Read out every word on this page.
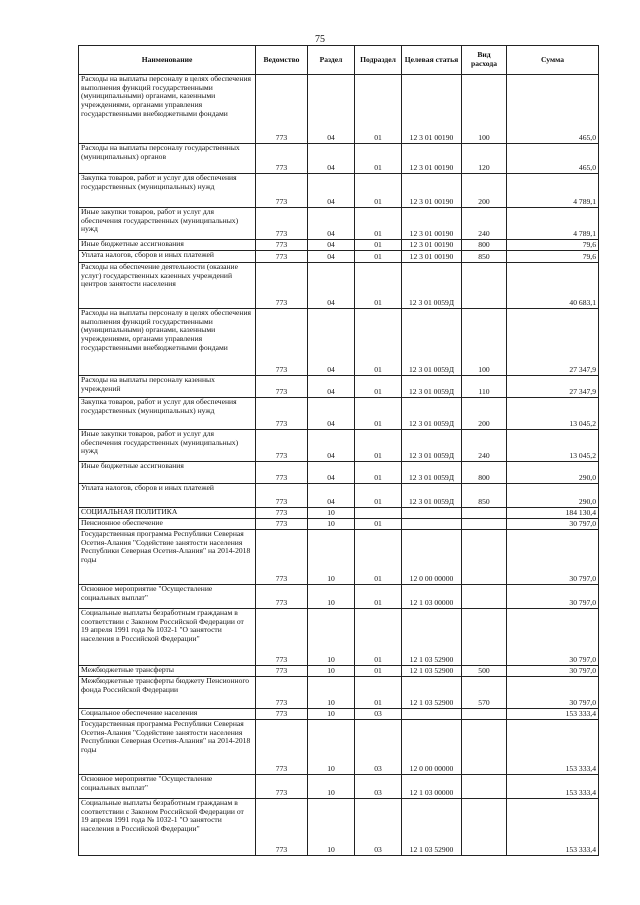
75
Наименование	Ведомство	Раздел	Подраздел	Целевая статья	Вид расхода	Сумма
Расходы на выплаты персоналу в целях обеспечения выполнения функций государственными (муниципальными) органами, казенными учреждениями, органами управления государственными внебюджетными фондами	773	04	01	12 3 01 00190	100	465,0
Расходы на выплаты персоналу государственных (муниципальных) органов	773	04	01	12 3 01 00190	120	465,0
Закупка товаров, работ и услуг для обеспечения государственных (муниципальных) нужд	773	04	01	12 3 01 00190	200	4 789,1
Иные закупки товаров, работ и услуг для обеспечения государственных (муниципальных) нужд	773	04	01	12 3 01 00190	240	4 789,1
Иные бюджетные ассигнования	773	04	01	12 3 01 00190	800	79,6
Уплата налогов, сборов и иных платежей	773	04	01	12 3 01 00190	850	79,6
Расходы на обеспечение деятельности (оказание услуг) государственных казенных учреждений центров занятости населения	773	04	01	12 3 01 0059Д		40 683,1
Расходы на выплаты персоналу в целях обеспечения выполнения функций государственными (муниципальными) органами, казенными учреждениями, органами управления государственными внебюджетными фондами	773	04	01	12 3 01 0059Д	100	27 347,9
Расходы на выплаты персоналу казенных учреждений	773	04	01	12 3 01 0059Д	110	27 347,9
Закупка товаров, работ и услуг для обеспечения государственных (муниципальных) нужд	773	04	01	12 3 01 0059Д	200	13 045,2
Иные закупки товаров, работ и услуг для обеспечения государственных (муниципальных) нужд	773	04	01	12 3 01 0059Д	240	13 045,2
Иные бюджетные ассигнования	773	04	01	12 3 01 0059Д	800	290,0
Уплата налогов, сборов и иных платежей	773	04	01	12 3 01 0059Д	850	290,0
СОЦИАЛЬНАЯ ПОЛИТИКА	773	10				184 130,4
Пенсионное обеспечение	773	10	01			30 797,0
Государственная программа Республики Северная Осетия-Алания "Содействие занятости населения Республики Северная Осетия-Алания" на 2014-2018 годы	773	10	01	12 0 00 00000		30 797,0
Основное мероприятие "Осуществление социальных выплат"	773	10	01	12 1 03 00000		30 797,0
Социальные выплаты безработным гражданам в соответствии с Законом Российской Федерации от 19 апреля 1991 года № 1032-1 "О занятости населения в Российской Федерации"	773	10	01	12 1 03 52900		30 797,0
Межбюджетные трансферты	773	10	01	12 1 03 52900	500	30 797,0
Межбюджетные трансферты бюджету Пенсионного фонда Российской Федерации	773	10	01	12 1 03 52900	570	30 797,0
Социальное обеспечение населения	773	10	03			153 333,4
Государственная программа Республики Северная Осетия-Алания "Содействие занятости населения Республики Северная Осетия-Алания" на 2014-2018 годы	773	10	03	12 0 00 00000		153 333,4
Основное мероприятие "Осуществление социальных выплат"	773	10	03	12 1 03 00000		153 333,4
Социальные выплаты безработным гражданам в соответствии с Законом Российской Федерации от 19 апреля 1991 года № 1032-1 "О занятости населения в Российской Федерации"	773	10	03	12 1 03 52900		153 333,4
